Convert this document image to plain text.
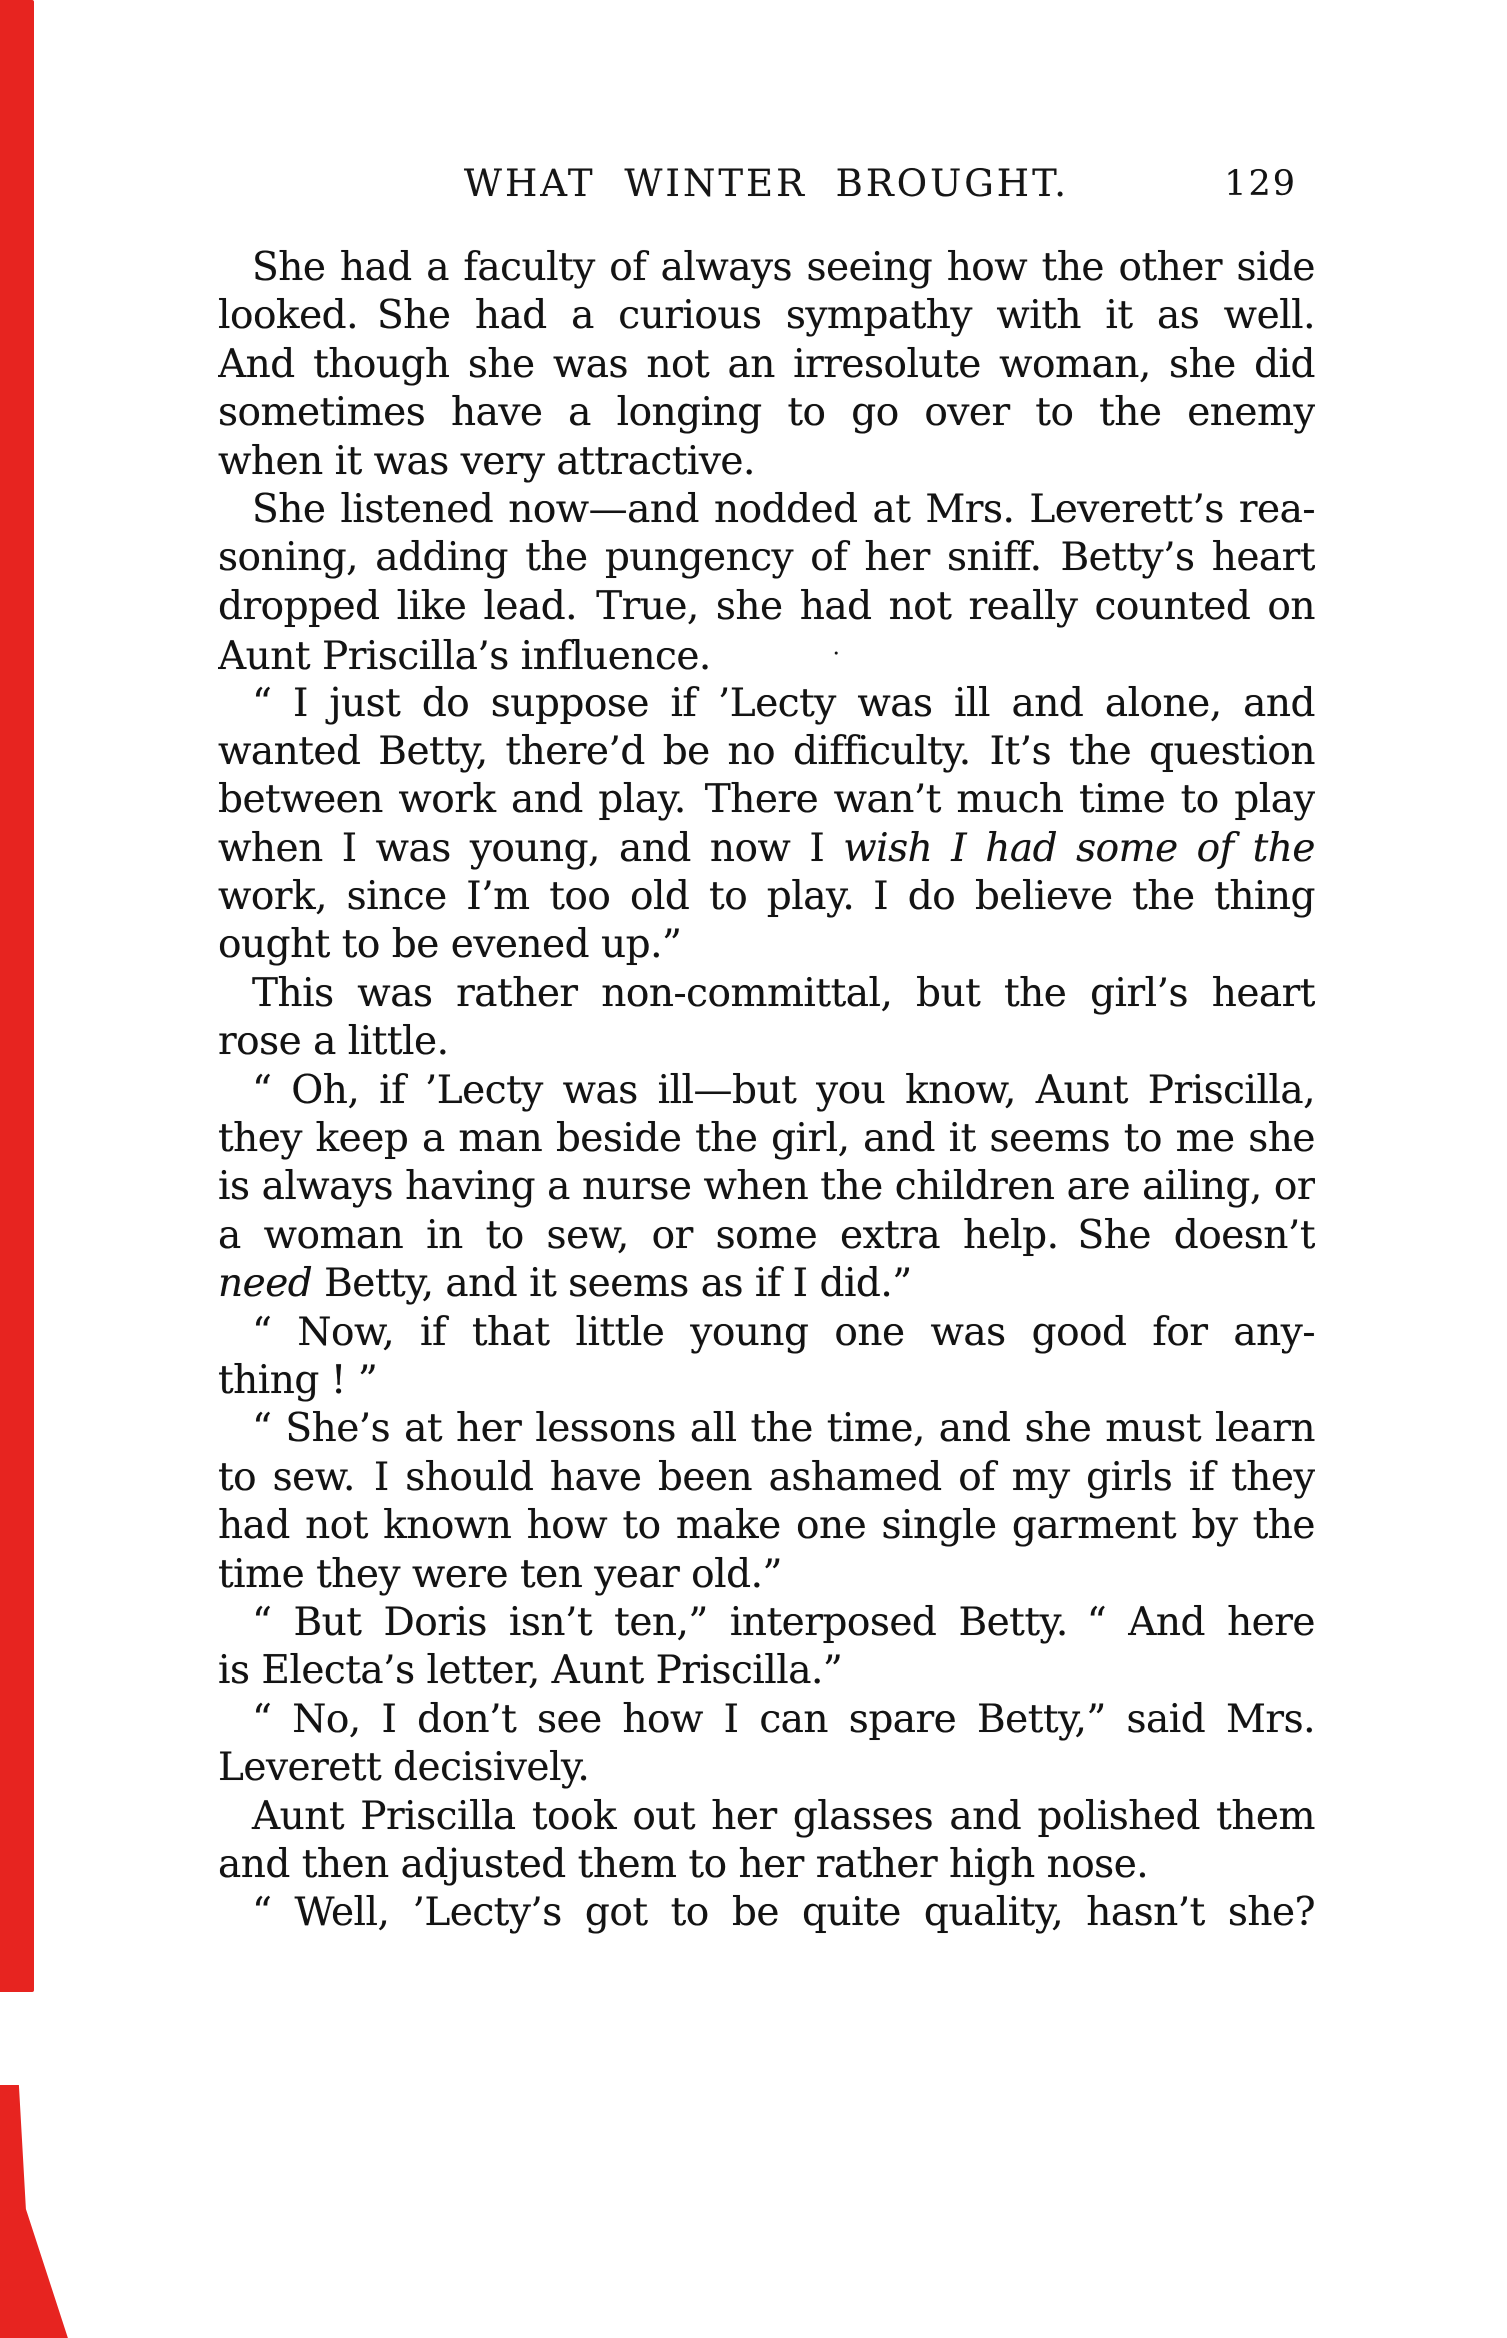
WHAT WINTER BROUGHT.	129
She had a faculty of always seeing how the other side
looked. She had a curious sympathy with it as well.
And though she was not an irresolute woman, she did
sometimes have a longing to go over to the enemy
when it was very attractive.
She listened now—and nodded at Mrs. Leverett’s rea-
soning, adding the pungency of her sniff. Betty’s heart
dropped like lead. True, she had not really counted on
Aunt Priscilla’s influence.	·
“ I just do suppose if ’Lecty was ill and alone, and
wanted Betty, there’d be no difficulty. It’s the question
between work and play. There wan’t much time to play
when I was young, and now I wish I had some of the
work, since I’m too old to play. I do believe the thing
ought to be evened up.”
This was rather non-committal, but the girl’s heart
rose a little.
“ Oh, if ’Lecty was ill—but you know, Aunt Priscilla,
they keep a man beside the girl, and it seems to me she
is always having a nurse when the children are ailing, or
a woman in to sew, or some extra help. She doesn’t
need Betty, and it seems as if I did.”
“ Now, if that little young one was good for any-
thing ! ”
“ She’s at her lessons all the time, and she must learn
to sew. I should have been ashamed of my girls if they
had not known how to make one single garment by the
time they were ten year old.”
“ But Doris isn’t ten,” interposed Betty. “ And here
is Electa’s letter, Aunt Priscilla.”
“ No, I don’t see how I can spare Betty,” said Mrs.
Leverett decisively.
Aunt Priscilla took out her glasses and polished them
and then adjusted them to her rather high nose.
“ Well, ’Lecty’s got to be quite quality, hasn’t she?
